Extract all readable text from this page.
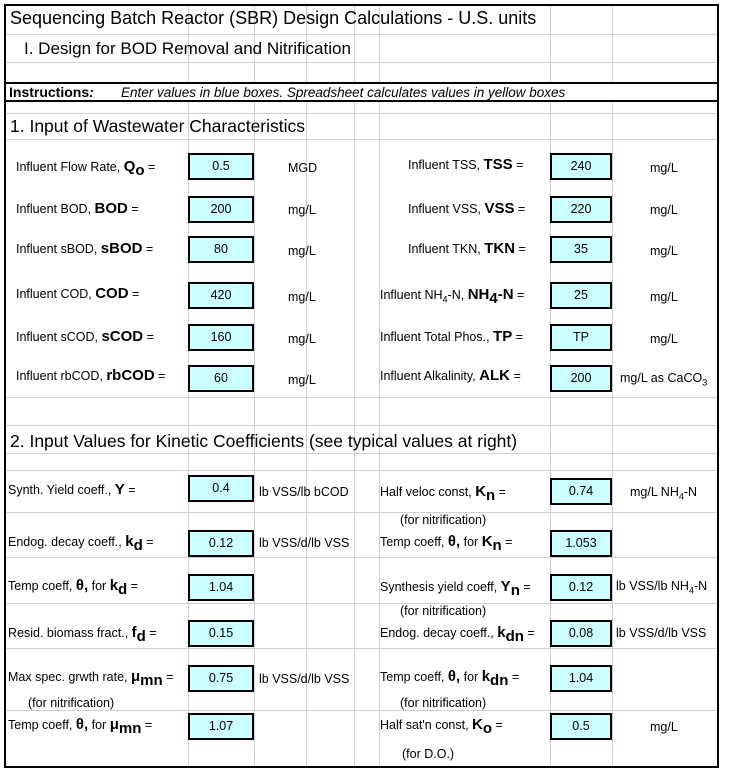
Sequencing Batch Reactor (SBR) Design Calculations - U.S. units
I. Design for BOD Removal and Nitrification
Instructions: Enter values in blue boxes. Spreadsheet calculates values in yellow boxes
1. Input of Wastewater Characteristics
Influent Flow Rate, $Q_o$ =	0.5	MGD
Influent BOD, BOD =	200	mg/L
Influent sBOD, sBOD =	80	mg/L
Influent COD, COD =	420	mg/L
Influent sCOD, sCOD =	160	mg/L
Influent rbCOD, rbCOD =	60	mg/L
Influent TSS, TSS =	240	mg/L
Influent VSS, VSS =	220	mg/L
Influent TKN, TKN =	35	mg/L
Influent $NH_4-N$, $NH_4-N$ =	25	mg/L
Influent Total Phos., TP =	TP	mg/L
Influent Alkalinity, ALK =	200	mg/L as CaCO$_3$
2. Input Values for Kinetic Coefficients (see typical values at right)
Synth. Yield coeff., Y =	0.4	lb VSS/lb bCOD
Endog. decay coeff., $k_d$ =	0.12	lb VSS/d/lb VSS
Temp coeff, θ, for $k_d$ =	1.04
Resid. biomass fract., $f_d$ =	0.15
Max spec. grwth rate, $\mu_{mn}$ =	0.75	lb VSS/d/lb VSS
(for nitrification)
Temp coeff, θ, for $\mu_{mn}$ =	1.07
Half veloc const, $K_n$ =	0.74	mg/L $NH_4-N$
(for nitrification)
Temp coeff, θ, for $K_n$ =	1.053
Synthesis yield coeff, $Y_n$ =	0.12	lb VSS/lb $NH_4-N$
(for nitrification)
Endog. decay coeff., $k_{dn}$ =	0.08	lb VSS/d/lb VSS
Temp coeff, θ, for $k_{dn}$ =	1.04
(for nitrification)
Half sat'n const, $K_o$ =	0.5	mg/L
(for D.O.)
